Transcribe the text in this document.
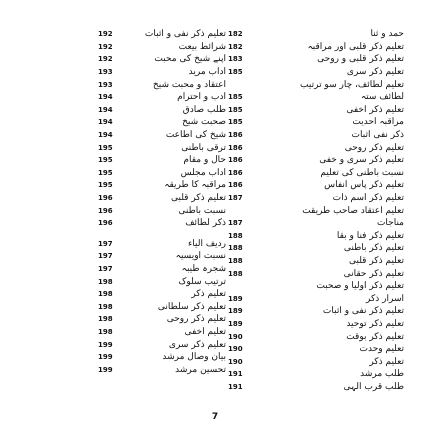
حمد و ثنا
182
تعلیم ذکر قلبی اور مراقبہ
182
تعلیم ذکر قلبی و روحی
183
تعلیم ذکر سری
185
تعلیم لطائف، چار سو ترتیب
لطائف ستہ
185
تعلیم ذکر اخفی
185
مراقبہ احدیت
185
ذکر نفی اثبات
186
تعلیم ذکر روحی
186
تعلیم ذکر سری و خفی
186
نسبت باطنی کی تعلیم
186
تعلیم ذکر پاس انفاس
186
تعلیم ذکر اسم ذات
187
تعلیم اعتقاد صاحب طریقت
مناجات
187
تعلیم ذکر فنا و بقا
188
تعلیم ذکر باطنی
188
تعلیم ذکر قلبی
188
تعلیم ذکر حقانی
188
تعلیم ذکر اولیا و صحبت
اسرار ذکر
189
تعلیم ذکر نفی و اثبات
189
تعلیم ذکر توحید
189
تعلیم ذکر بوقت
190
تعلیم وحدت
190
تعلیم ذکر
190
طلب مرشد
191
طلب قرب الٰہی
191
تعلیم ذکر نفی و اثبات
192
شرائط بیعت
192
اپنے شیخ کی محبت
192
آداب مرید
193
اعتقاد و محبت شیخ
193
ادب و احترام
194
طلب صادق
194
صحبت شیخ
194
شیخ کی اطاعت
194
ترقی باطنی
195
حال و مقام
195
آداب مجلس
195
مراقبہ کا طریقہ
195
تعلیم ذکر قلبی
196
نسبت باطنی
196
ذکر لطائف
196
ردیف الیاء
197
نسبت اویسیہ
197
شجرہ طیبہ
197
ترتیب سلوک
198
تعلیم ذکر
198
تعلیم ذکر سلطانی
198
تعلیم ذکر روحی
198
تعلیم اخفی
198
تعلیم ذکر سری
199
بیان وصال مرشد
199
تحسین مرشد
199
7
